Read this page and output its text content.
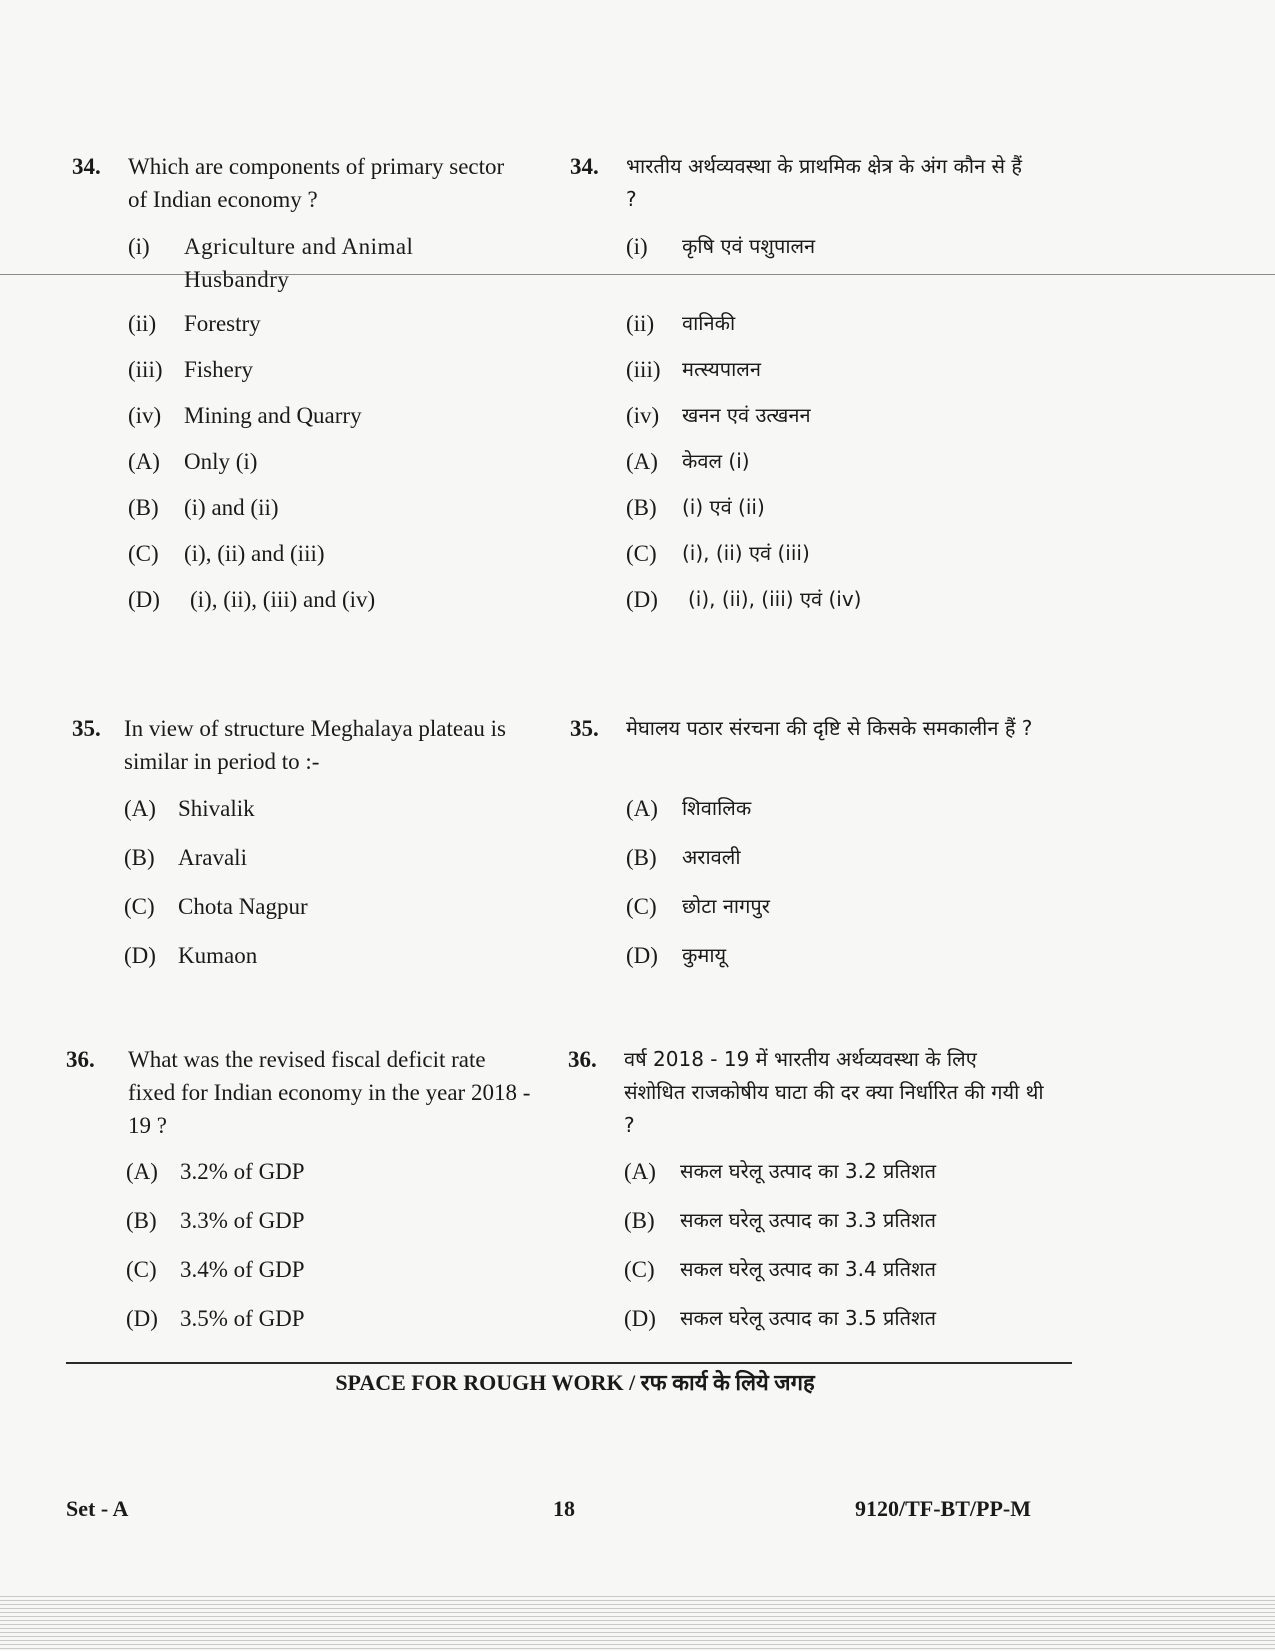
34. Which are components of primary sector of Indian economy ?
(i) Agriculture and Animal Husbandry
(ii) Forestry
(iii) Fishery
(iv) Mining and Quarry
(A) Only (i)
(B) (i) and (ii)
(C) (i), (ii) and (iii)
(D) (i), (ii), (iii) and (iv)
34. भारतीय अर्थव्यवस्था के प्राथमिक क्षेत्र के अंग कौन से हैं ?
(i) कृषि एवं पशुपालन
(ii) वानिकी
(iii) मत्स्यपालन
(iv) खनन एवं उत्खनन
(A) केवल (i)
(B) (i) एवं (ii)
(C) (i), (ii) एवं (iii)
(D) (i), (ii), (iii) एवं (iv)
35. In view of structure Meghalaya plateau is similar in period to :-
(A) Shivalik
(B) Aravali
(C) Chota Nagpur
(D) Kumaon
35. मेघालय पठार संरचना की दृष्टि से किसके समकालीन हैं ?
(A) शिवालिक
(B) अरावली
(C) छोटा नागपुर
(D) कुमायू
36. What was the revised fiscal deficit rate fixed for Indian economy in the year 2018 - 19 ?
(A) 3.2% of GDP
(B) 3.3% of GDP
(C) 3.4% of GDP
(D) 3.5% of GDP
36. वर्ष 2018 - 19 में भारतीय अर्थव्यवस्था के लिए संशोधित राजकोषीय घाटा की दर क्या निर्धारित की गयी थी ?
(A) सकल घरेलू उत्पाद का 3.2 प्रतिशत
(B) सकल घरेलू उत्पाद का 3.3 प्रतिशत
(C) सकल घरेलू उत्पाद का 3.4 प्रतिशत
(D) सकल घरेलू उत्पाद का 3.5 प्रतिशत
SPACE FOR ROUGH WORK / रफ कार्य के लिये जगह
Set - A	18	9120/TF-BT/PP-M
